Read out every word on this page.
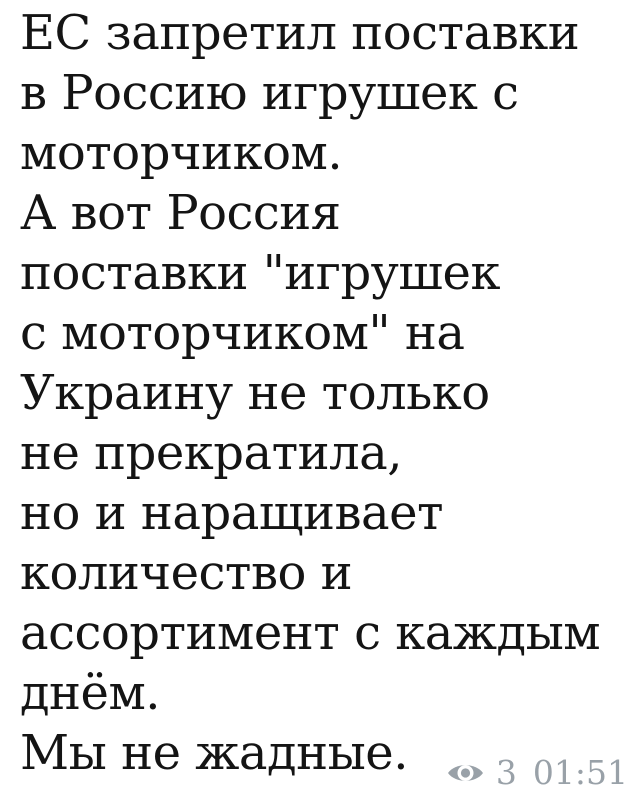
ЕС запретил поставки
в Россию игрушек с
моторчиком.
А вот Россия
поставки "игрушек
с моторчиком" на
Украину не только
не прекратила,
но и наращивает
количество и
ассортимент с каждым
днём.
Мы не жадные.	3 01:51
